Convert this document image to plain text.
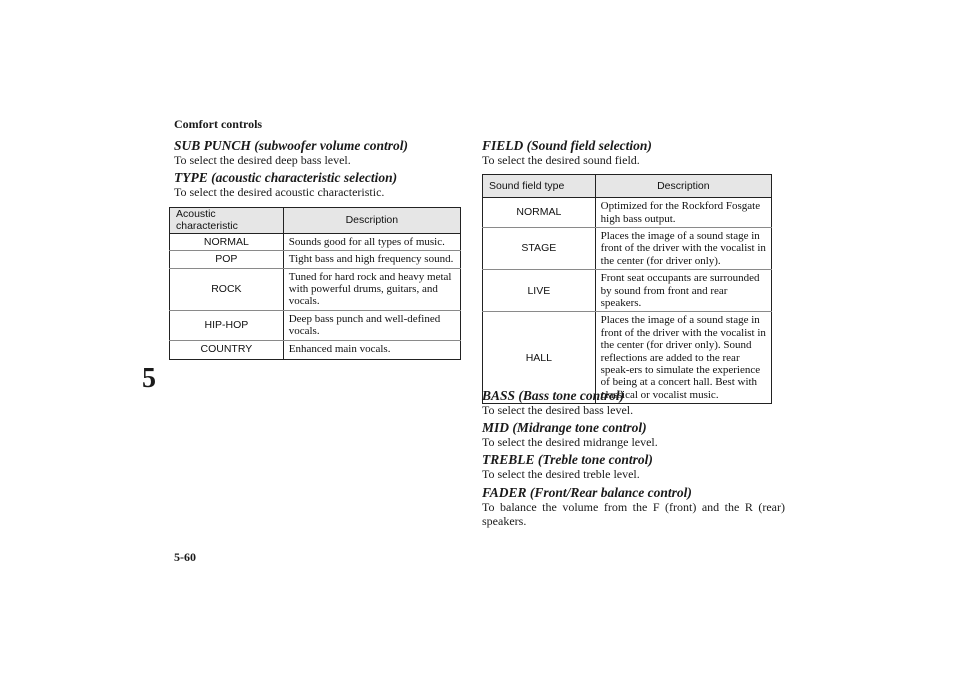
Comfort controls
5
5-60
SUB PUNCH (subwoofer volume control)
To select the desired deep bass level.
TYPE (acoustic characteristic selection)
To select the desired acoustic characteristic.
Acoustic characteristic	Description
NORMAL	Sounds good for all types of music.
POP	Tight bass and high frequency sound.
ROCK	Tuned for hard rock and heavy metal with powerful drums, guitars, and vocals.
HIP-HOP	Deep bass punch and well-defined vocals.
COUNTRY	Enhanced main vocals.
FIELD (Sound field selection)
To select the desired sound field.
Sound field type	Description
NORMAL	Optimized for the Rockford Fosgate high bass output.
STAGE	Places the image of a sound stage in front of the driver with the vocalist in the center (for driver only).
LIVE	Front seat occupants are surrounded by sound from front and rear speakers.
HALL	Places the image of a sound stage in front of the driver with the vocalist in the center (for driver only). Sound reflections are added to the rear speak-ers to simulate the experience of being at a concert hall. Best with classical or vocalist music.
BASS (Bass tone control)
To select the desired bass level.
MID (Midrange tone control)
To select the desired midrange level.
TREBLE (Treble tone control)
To select the desired treble level.
FADER (Front/Rear balance control)
To balance the volume from the F (front) and the R (rear) speakers.
